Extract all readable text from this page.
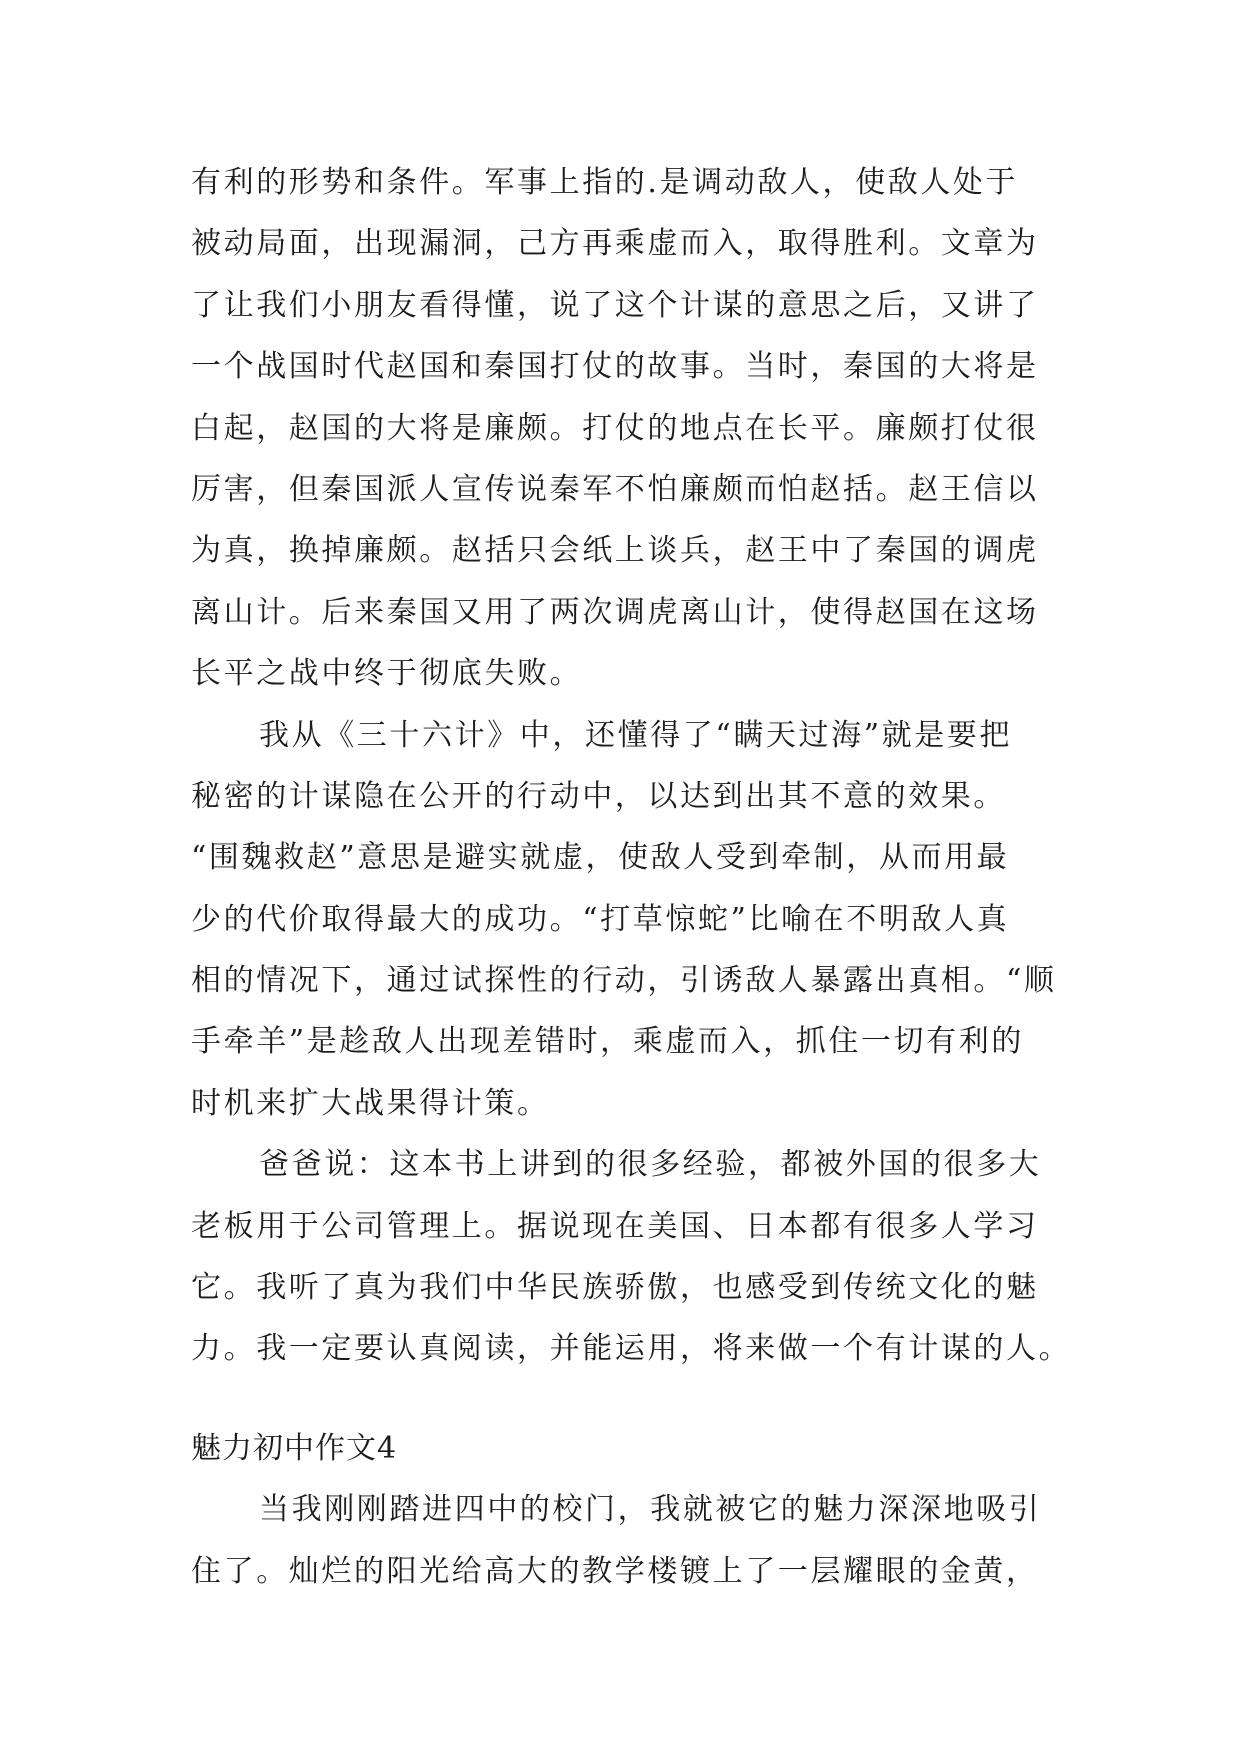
有利的形势和条件。军事上指的.是调动敌人，使敌人处于
被动局面，出现漏洞，己方再乘虚而入，取得胜利。文章为
了让我们小朋友看得懂，说了这个计谋的意思之后，又讲了
一个战国时代赵国和秦国打仗的故事。当时，秦国的大将是
白起，赵国的大将是廉颇。打仗的地点在长平。廉颇打仗很
厉害，但秦国派人宣传说秦军不怕廉颇而怕赵括。赵王信以
为真，换掉廉颇。赵括只会纸上谈兵，赵王中了秦国的调虎
离山计。后来秦国又用了两次调虎离山计，使得赵国在这场
长平之战中终于彻底失败。
我从《三十六计》中，还懂得了“瞒天过海”就是要把
秘密的计谋隐在公开的行动中，以达到出其不意的效果。
“围魏救赵”意思是避实就虚，使敌人受到牵制，从而用最
少的代价取得最大的成功。“打草惊蛇”比喻在不明敌人真
相的情况下，通过试探性的行动，引诱敌人暴露出真相。“顺
手牵羊”是趁敌人出现差错时，乘虚而入，抓住一切有利的
时机来扩大战果得计策。
爸爸说：这本书上讲到的很多经验，都被外国的很多大
老板用于公司管理上。据说现在美国、日本都有很多人学习
它。我听了真为我们中华民族骄傲，也感受到传统文化的魅
力。我一定要认真阅读，并能运用，将来做一个有计谋的人。
魅力初中作文4
当我刚刚踏进四中的校门，我就被它的魅力深深地吸引
住了。灿烂的阳光给高大的教学楼镀上了一层耀眼的金黄，
